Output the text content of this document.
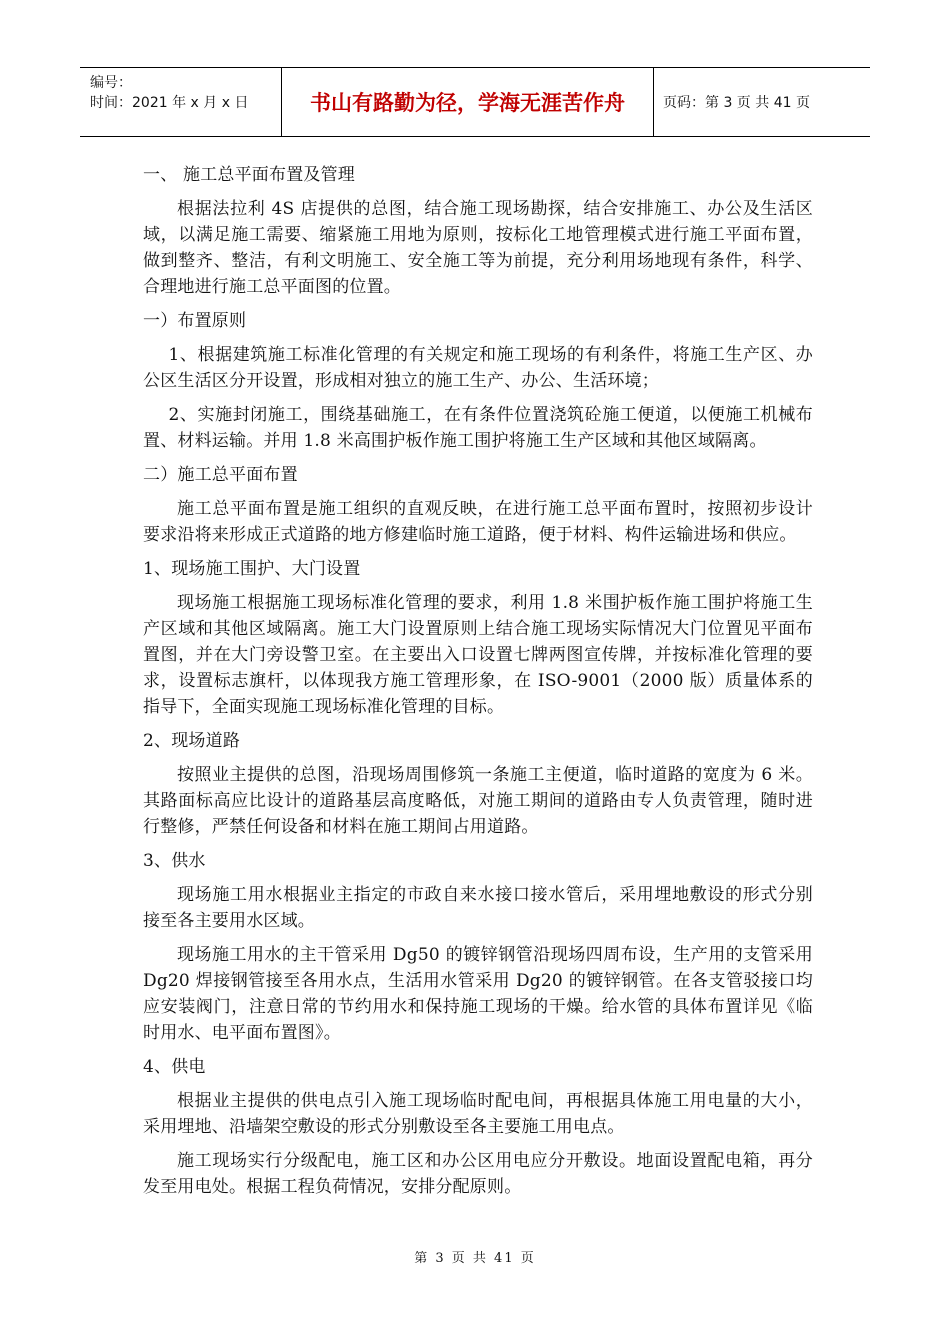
编号：
时间：2021 年 x 月 x 日	书山有路勤为径，学海无涯苦作舟	页码：第 3 页 共 41 页

一、 施工总平面布置及管理

根据法拉利 4S 店提供的总图，结合施工现场勘探，结合安排施工、办公及生活区域，以满足施工需要、缩紧施工用地为原则，按标化工地管理模式进行施工平面布置，做到整齐、整洁，有利文明施工、安全施工等为前提，充分利用场地现有条件，科学、合理地进行施工总平面图的位置。

一）布置原则

1、根据建筑施工标准化管理的有关规定和施工现场的有利条件，将施工生产区、办公区生活区分开设置，形成相对独立的施工生产、办公、生活环境；

2、实施封闭施工，围绕基础施工，在有条件位置浇筑砼施工便道，以便施工机械布置、材料运输。并用 1.8 米高围护板作施工围护将施工生产区域和其他区域隔离。

二）施工总平面布置

施工总平面布置是施工组织的直观反映，在进行施工总平面布置时，按照初步设计要求沿将来形成正式道路的地方修建临时施工道路，便于材料、构件运输进场和供应。

1、现场施工围护、大门设置

现场施工根据施工现场标准化管理的要求，利用 1.8 米围护板作施工围护将施工生产区域和其他区域隔离。施工大门设置原则上结合施工现场实际情况大门位置见平面布置图，并在大门旁设警卫室。在主要出入口设置七牌两图宣传牌，并按标准化管理的要求，设置标志旗杆，以体现我方施工管理形象，在 ISO-9001（2000 版）质量体系的指导下，全面实现施工现场标准化管理的目标。

2、现场道路

按照业主提供的总图，沿现场周围修筑一条施工主便道，临时道路的宽度为 6 米。其路面标高应比设计的道路基层高度略低，对施工期间的道路由专人负责管理，随时进行整修，严禁任何设备和材料在施工期间占用道路。

3、供水

现场施工用水根据业主指定的市政自来水接口接水管后，采用埋地敷设的形式分别接至各主要用水区域。

现场施工用水的主干管采用 Dg50 的镀锌钢管沿现场四周布设，生产用的支管采用 Dg20 焊接钢管接至各用水点，生活用水管采用 Dg20 的镀锌钢管。在各支管驳接口均应安装阀门，注意日常的节约用水和保持施工现场的干燥。给水管的具体布置详见《临时用水、电平面布置图》。

4、供电

根据业主提供的供电点引入施工现场临时配电间，再根据具体施工用电量的大小，采用埋地、沿墙架空敷设的形式分别敷设至各主要施工用电点。

施工现场实行分级配电，施工区和办公区用电应分开敷设。地面设置配电箱，再分发至用电处。根据工程负荷情况，安排分配原则。

第 3 页 共 41 页
